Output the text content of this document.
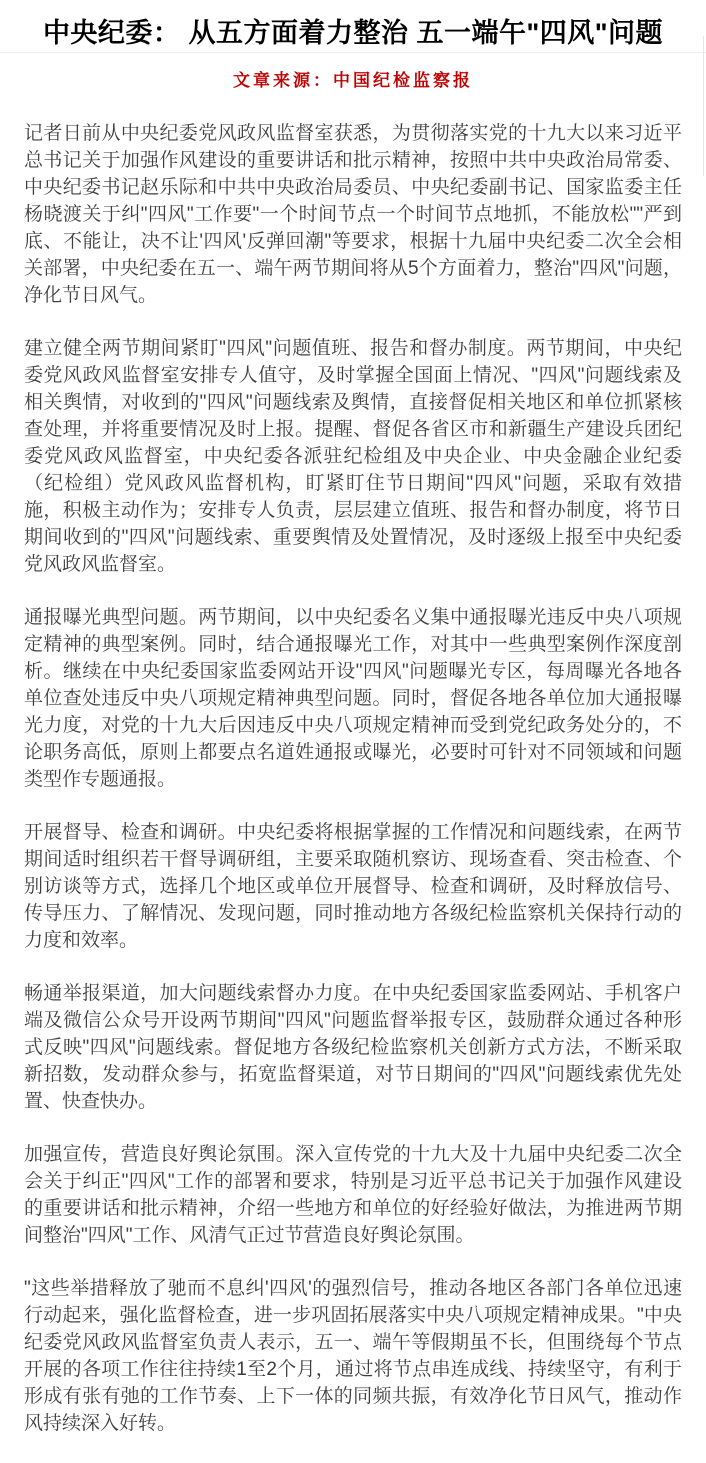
中央纪委： 从五方面着力整治 五一端午"四风"问题
文章来源：中国纪检监察报

记者日前从中央纪委党风政风监督室获悉，为贯彻落实党的十九大以来习近平总书记关于加强作风建设的重要讲话和批示精神，按照中共中央政治局常委、中央纪委书记赵乐际和中共中央政治局委员、中央纪委副书记、国家监委主任杨晓渡关于纠"四风"工作要"一个时间节点一个时间节点地抓，不能放松""严到底、不能让，决不让'四风'反弹回潮"等要求，根据十九届中央纪委二次全会相关部署，中央纪委在五一、端午两节期间将从5个方面着力，整治"四风"问题，净化节日风气。

建立健全两节期间紧盯"四风"问题值班、报告和督办制度。两节期间，中央纪委党风政风监督室安排专人值守，及时掌握全国面上情况、"四风"问题线索及相关舆情，对收到的"四风"问题线索及舆情，直接督促相关地区和单位抓紧核查处理，并将重要情况及时上报。提醒、督促各省区市和新疆生产建设兵团纪委党风政风监督室，中央纪委各派驻纪检组及中央企业、中央金融企业纪委（纪检组）党风政风监督机构，盯紧盯住节日期间"四风"问题，采取有效措施，积极主动作为；安排专人负责，层层建立值班、报告和督办制度，将节日期间收到的"四风"问题线索、重要舆情及处置情况，及时逐级上报至中央纪委党风政风监督室。

通报曝光典型问题。两节期间，以中央纪委名义集中通报曝光违反中央八项规定精神的典型案例。同时，结合通报曝光工作，对其中一些典型案例作深度剖析。继续在中央纪委国家监委网站开设"四风"问题曝光专区，每周曝光各地各单位查处违反中央八项规定精神典型问题。同时，督促各地各单位加大通报曝光力度，对党的十九大后因违反中央八项规定精神而受到党纪政务处分的，不论职务高低，原则上都要点名道姓通报或曝光，必要时可针对不同领域和问题类型作专题通报。

开展督导、检查和调研。中央纪委将根据掌握的工作情况和问题线索，在两节期间适时组织若干督导调研组，主要采取随机察访、现场查看、突击检查、个别访谈等方式，选择几个地区或单位开展督导、检查和调研，及时释放信号、传导压力、了解情况、发现问题，同时推动地方各级纪检监察机关保持行动的力度和效率。

畅通举报渠道，加大问题线索督办力度。在中央纪委国家监委网站、手机客户端及微信公众号开设两节期间"四风"问题监督举报专区，鼓励群众通过各种形式反映"四风"问题线索。督促地方各级纪检监察机关创新方式方法，不断采取新招数，发动群众参与，拓宽监督渠道，对节日期间的"四风"问题线索优先处置、快查快办。

加强宣传，营造良好舆论氛围。深入宣传党的十九大及十九届中央纪委二次全会关于纠正"四风"工作的部署和要求，特别是习近平总书记关于加强作风建设的重要讲话和批示精神，介绍一些地方和单位的好经验好做法，为推进两节期间整治"四风"工作、风清气正过节营造良好舆论氛围。

"这些举措释放了驰而不息纠'四风'的强烈信号，推动各地区各部门各单位迅速行动起来，强化监督检查，进一步巩固拓展落实中央八项规定精神成果。"中央纪委党风政风监督室负责人表示，五一、端午等假期虽不长，但围绕每个节点开展的各项工作往往持续1至2个月，通过将节点串连成线、持续坚守，有利于形成有张有弛的工作节奏、上下一体的同频共振，有效净化节日风气，推动作风持续深入好转。
